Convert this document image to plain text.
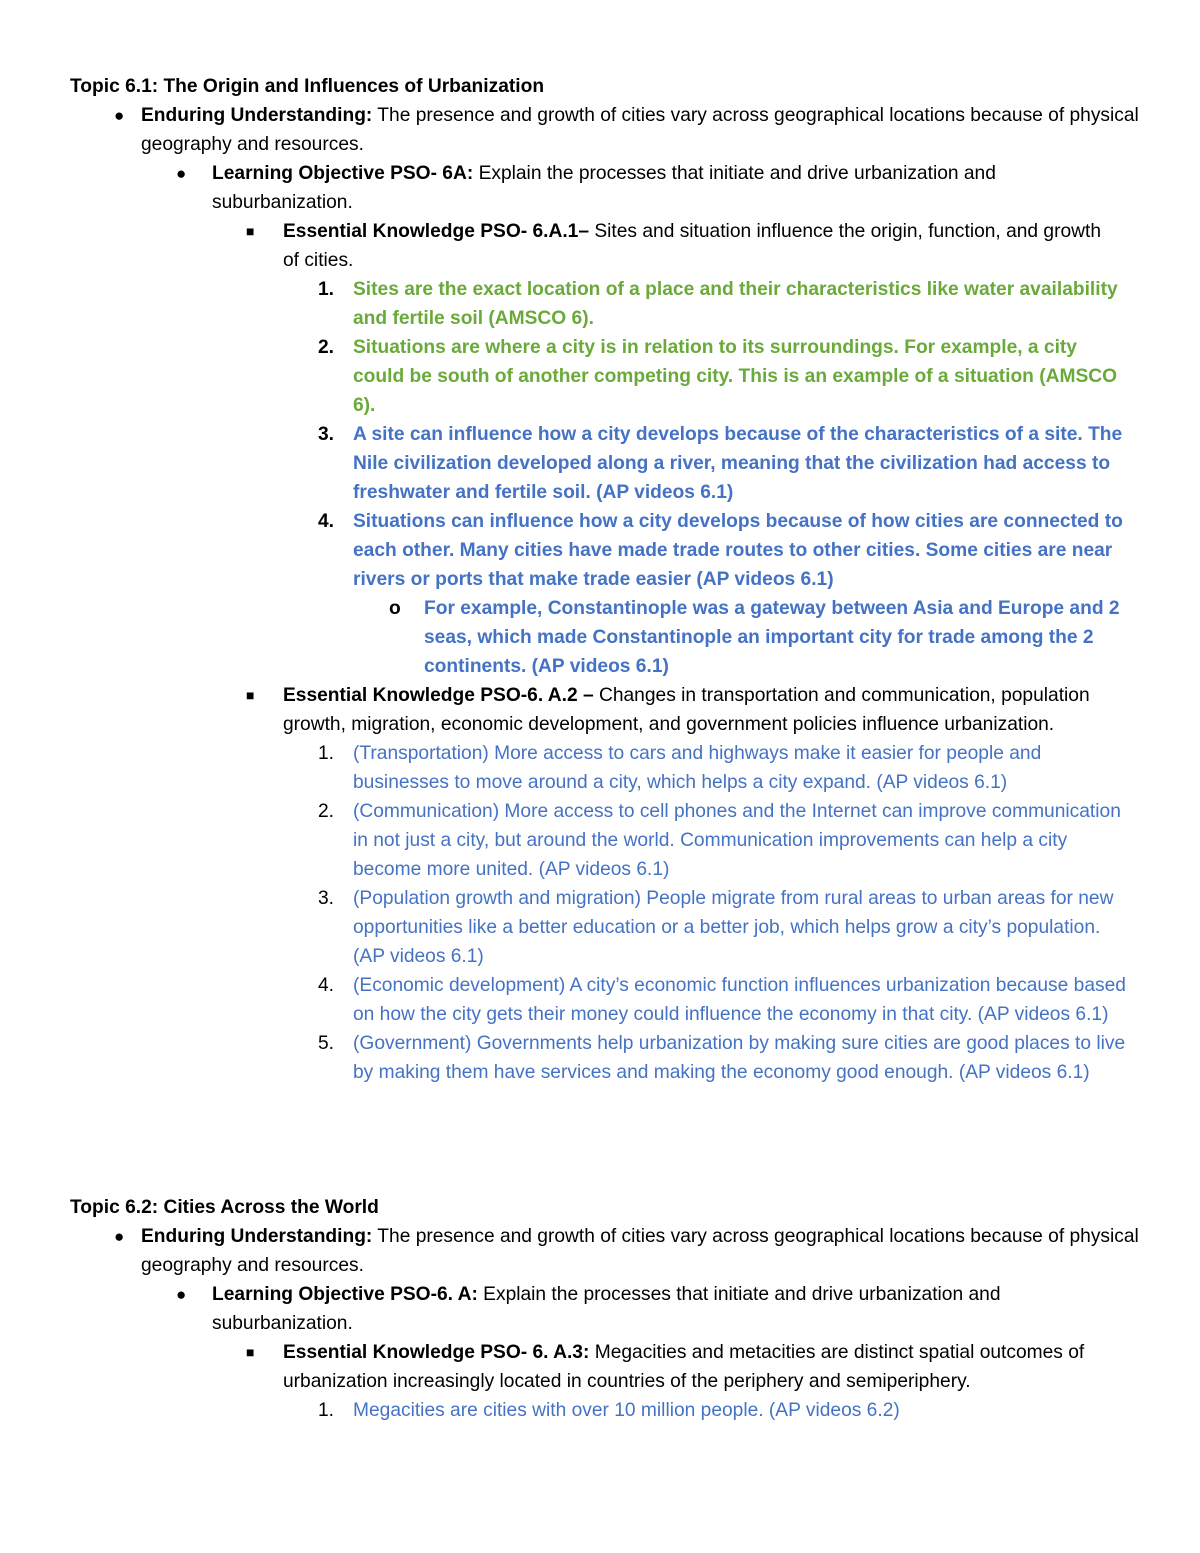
Topic 6.1: The Origin and Influences of Urbanization

● Enduring Understanding: The presence and growth of cities vary across geographical locations because of physical geography and resources.
● Learning Objective PSO- 6A: Explain the processes that initiate and drive urbanization and suburbanization.
■ Essential Knowledge PSO- 6.A.1– Sites and situation influence the origin, function, and growth of cities.
1. Sites are the exact location of a place and their characteristics like water availability and fertile soil (AMSCO 6).
2. Situations are where a city is in relation to its surroundings. For example, a city could be south of another competing city. This is an example of a situation (AMSCO 6).
3. A site can influence how a city develops because of the characteristics of a site. The Nile civilization developed along a river, meaning that the civilization had access to freshwater and fertile soil. (AP videos 6.1)
4. Situations can influence how a city develops because of how cities are connected to each other. Many cities have made trade routes to other cities. Some cities are near rivers or ports that make trade easier (AP videos 6.1)
o For example, Constantinople was a gateway between Asia and Europe and 2 seas, which made Constantinople an important city for trade among the 2 continents. (AP videos 6.1)
■ Essential Knowledge PSO-6. A.2 – Changes in transportation and communication, population growth, migration, economic development, and government policies influence urbanization.
1. (Transportation) More access to cars and highways make it easier for people and businesses to move around a city, which helps a city expand. (AP videos 6.1)
2. (Communication) More access to cell phones and the Internet can improve communication in not just a city, but around the world. Communication improvements can help a city become more united. (AP videos 6.1)
3. (Population growth and migration) People migrate from rural areas to urban areas for new opportunities like a better education or a better job, which helps grow a city’s population. (AP videos 6.1)
4. (Economic development) A city’s economic function influences urbanization because based on how the city gets their money could influence the economy in that city. (AP videos 6.1)
5. (Government) Governments help urbanization by making sure cities are good places to live by making them have services and making the economy good enough. (AP videos 6.1)

Topic 6.2: Cities Across the World

● Enduring Understanding: The presence and growth of cities vary across geographical locations because of physical geography and resources.
● Learning Objective PSO-6. A: Explain the processes that initiate and drive urbanization and suburbanization.
■ Essential Knowledge PSO- 6. A.3: Megacities and metacities are distinct spatial outcomes of urbanization increasingly located in countries of the periphery and semiperiphery.
1. Megacities are cities with over 10 million people. (AP videos 6.2)
